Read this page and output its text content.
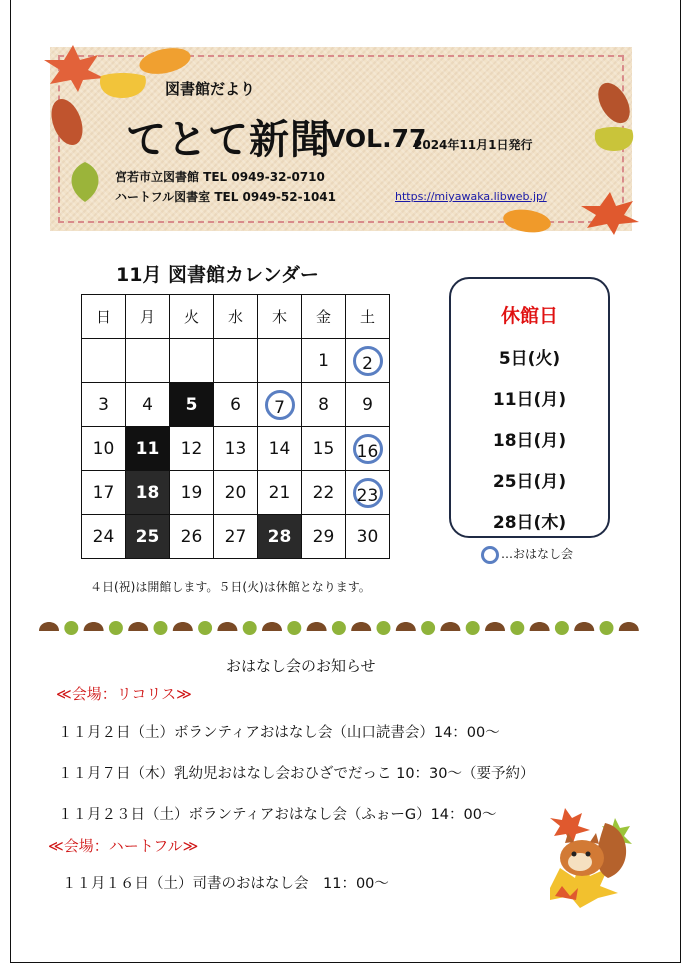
図書館だより
てとて新聞
VOL.77
2024年11月1日発行
宮若市立図書館 TEL 0949-32-0710
ハートフル図書室 TEL 0949-52-1041	https://miyawaka.libweb.jp/
11月 図書館カレンダー
日	月	火	水	木	金	土
					1	2
3	4	5	6	7	8	9
10	11	12	13	14	15	16
17	18	19	20	21	22	23
24	25	26	27	28	29	30
４日(祝)は開館します。５日(火)は休館となります。
休館日
5日(火)
11日(月)
18日(月)
25日(月)
28日(木)
…おはなし会
おはなし会のお知らせ
≪会場：リコリス≫
１１月２日（土）ボランティアおはなし会（山口読書会）14：00～
１１月７日（木）乳幼児おはなし会おひざでだっこ 10：30～（要予約）
１１月２３日（土）ボランティアおはなし会（ふぉーG）14：00～
≪会場：ハートフル≫
１１月１６日（土）司書のおはなし会　11：00～
